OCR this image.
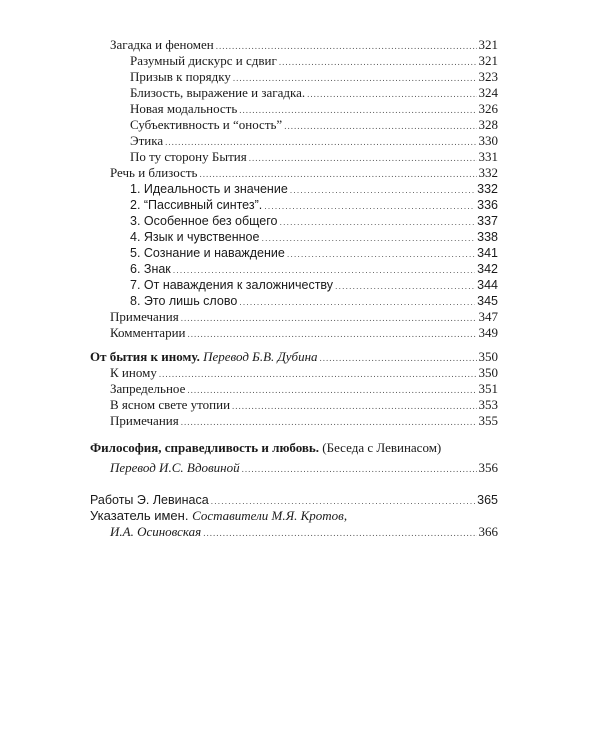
Загадка и феномен .....	321
Разумный дискурс и сдвиг .....	321
Призыв к порядку .....	323
Близость, выражение и загадка. .....	324
Новая модальность .....	326
Субъективность и “оность” .....	328
Этика .....	330
По ту сторону Бытия .....	331
Речь и близость .....	332
1. Идеальность и значение .....	332
2. “Пассивный синтез”. .....	336
3. Особенное без общего .....	337
4. Язык и чувственное .....	338
5. Сознание и наваждение .....	341
6. Знак .....	342
7. От наваждения к заложничеству .....	344
8. Это лишь слово .....	345
Примечания .....	347
Комментарии .....	349
От бытия к иному. Перевод Б.В. Дубина .....	350
К иному .....	350
Запредельное .....	351
В ясном свете утопии .....	353
Примечания .....	355
Философия, справедливость и любовь. (Беседа с Левинасом)
Перевод И.С. Вдовиной .....	356
Работы Э. Левинаса .....	365
Указатель имен. Составители М.Я. Кротов,
И.А. Осиновская .....	366
